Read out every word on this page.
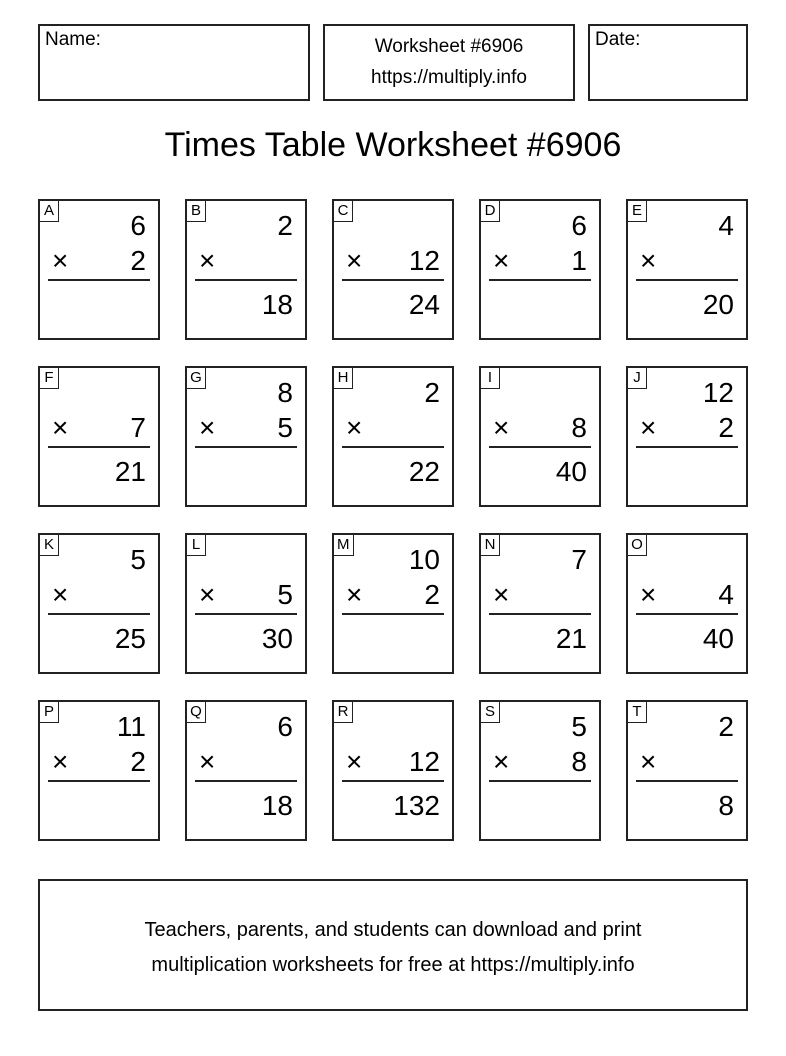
Name:	Worksheet #6906
https://multiply.info
Date:
Times Table Worksheet #6906
A	6
× 2
B	2
×
18
C
× 12
24
D	6
× 1
E	4
×
20
F
× 7
21
G	8
× 5
H	2
×
22
I
× 8
40
J 12
× 2
K	5
×
25
L
× 5
30
M 10
× 2
N	7
×
21
O
× 4
40
P 11
× 2
Q	6
×
18
R
× 12
132
S	5
× 8
T	2
×
8
Teachers, parents, and students can download and print
multiplication worksheets for free at https://multiply.info
